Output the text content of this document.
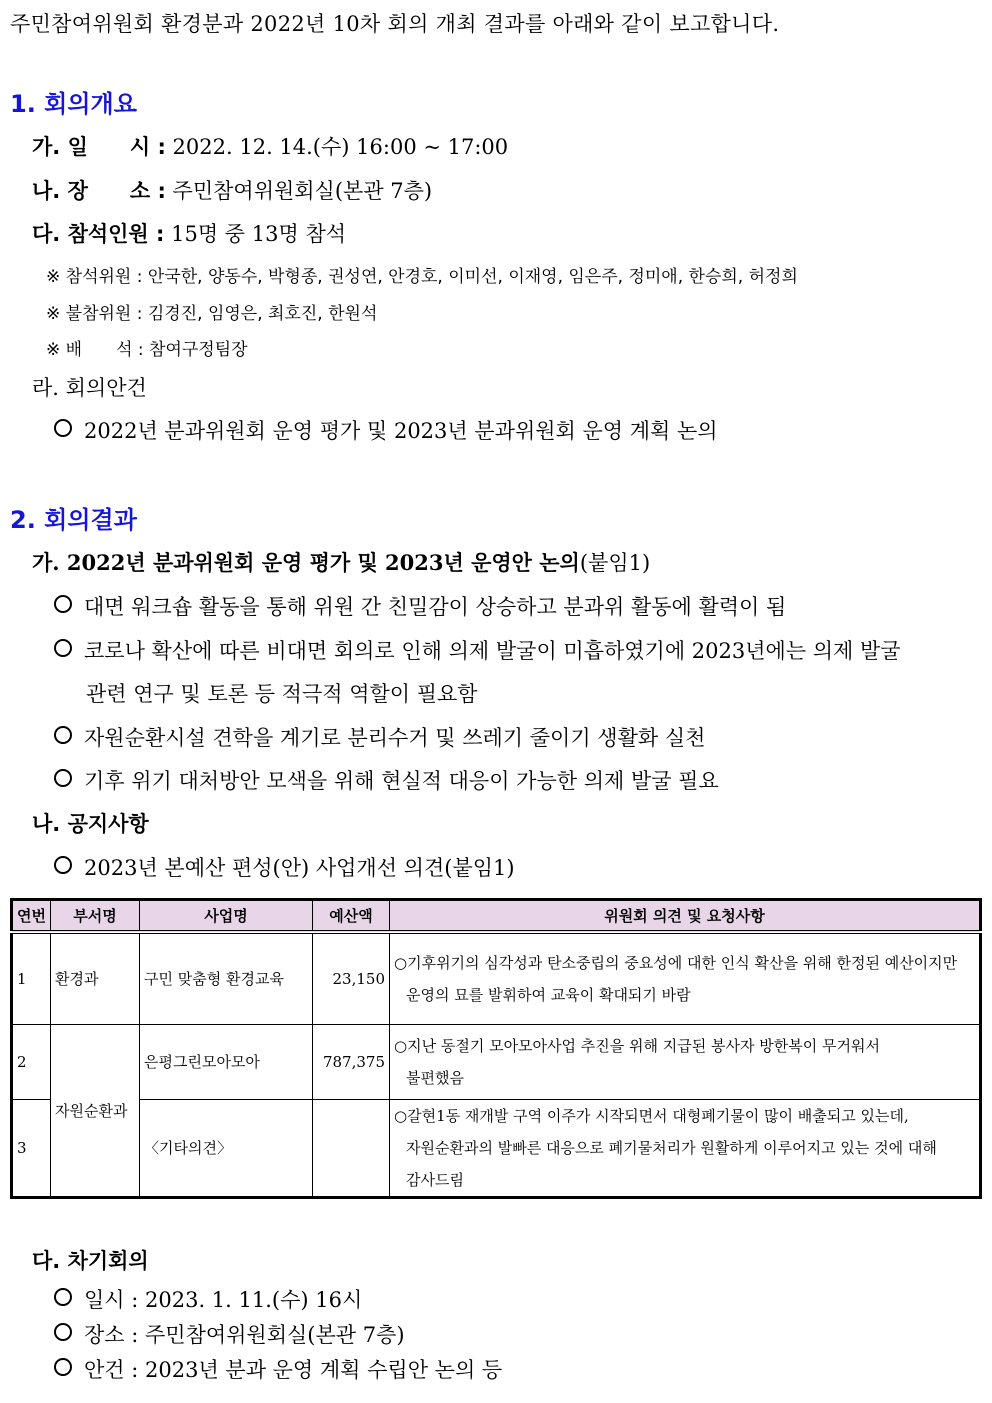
주민참여위원회 환경분과 2022년 10차 회의 개최 결과를 아래와 같이 보고합니다.
1. 회의개요
가. 일　　시 : 2022. 12. 14.(수) 16:00 ~ 17:00
나. 장　　소 : 주민참여위원회실(본관 7층)
다. 참석인원 : 15명 중 13명 참석
※ 참석위원 : 안국한, 양동수, 박형종, 권성연, 안경호, 이미선, 이재영, 임은주, 정미애, 한승희, 허정희
※ 불참위원 : 김경진, 임영은, 최호진, 한원석
※ 배　　석 : 참여구정팀장
라. 회의안건
2022년 분과위원회 운영 평가 및 2023년 분과위원회 운영 계획 논의
2. 회의결과
가. 2022년 분과위원회 운영 평가 및 2023년 운영안 논의(붙임1)
대면 워크숍 활동을 통해 위원 간 친밀감이 상승하고 분과위 활동에 활력이 됨
코로나 확산에 따른 비대면 회의로 인해 의제 발굴이 미흡하였기에 2023년에는 의제 발굴
관련 연구 및 토론 등 적극적 역할이 필요함
자원순환시설 견학을 계기로 분리수거 및 쓰레기 줄이기 생활화 실천
기후 위기 대처방안 모색을 위해 현실적 대응이 가능한 의제 발굴 필요
나. 공지사항
2023년 본예산 편성(안) 사업개선 의견(붙임1)
연번	부서명	사업명	예산액	위원회 의견 및 요청사항
1	환경과	구민 맞춤형 환경교육	23,150	○기후위기의 심각성과 탄소중립의 중요성에 대한 인식 확산을 위해 한정된 예산이지만
운영의 묘를 발휘하여 교육이 확대되기 바람

2	자원순환과	은평그린모아모아	787,375	○지난 동절기 모아모아사업 추진을 위해 지급된 봉사자 방한복이 무거워서
불편했음

3		〈기타의견〉		○갈현1동 재개발 구역 이주가 시작되면서 대형폐기물이 많이 배출되고 있는데,
자원순환과의 발빠른 대응으로 폐기물처리가 원활하게 이루어지고 있는 것에 대해
감사드림
다. 차기회의
일시 : 2023. 1. 11.(수) 16시
장소 : 주민참여위원회실(본관 7층)
안건 : 2023년 분과 운영 계획 수립안 논의 등
